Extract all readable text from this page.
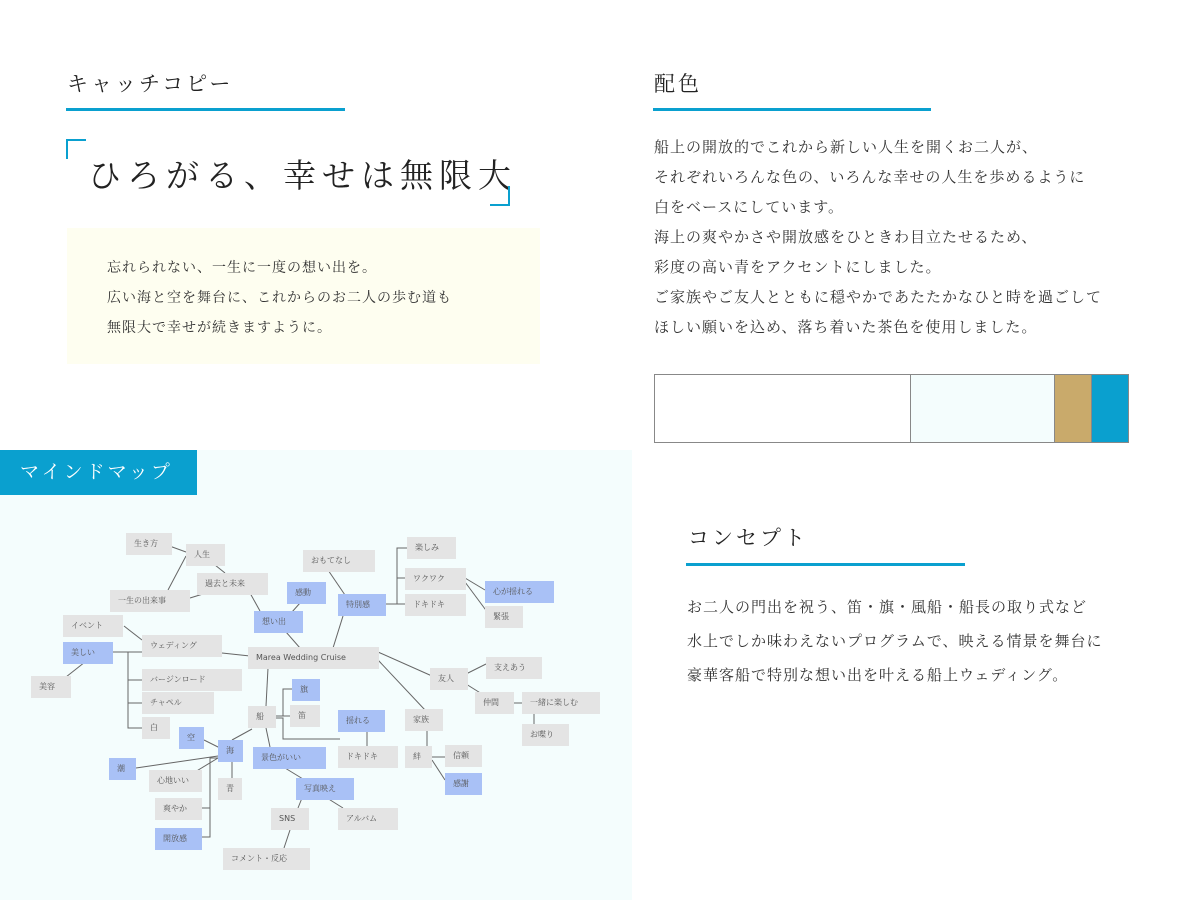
キャッチコピー
ひろがる、幸せは無限大
忘れられない、一生に一度の想い出を。
広い海と空を舞台に、これからのお二人の歩む道も
無限大で幸せが続きますように。
配色
船上の開放的でこれから新しい人生を開くお二人が、
それぞれいろんな色の、いろんな幸せの人生を歩めるように
白をベースにしています。
海上の爽やかさや開放感をひときわ目立たせるため、
彩度の高い青をアクセントにしました。
ご家族やご友人とともに穏やかであたたかなひと時を過ごして
ほしい願いを込め、落ち着いた茶色を使用しました。
コンセプト
お二人の門出を祝う、笛・旗・風船・船長の取り式など
水上でしか味わえないプログラムで、映える情景を舞台に
豪華客船で特別な想い出を叶える船上ウェディング。
マインドマップ
生き方
人生
過去と未来
一生の出来事
想い出
感動
おもてなし
特別感
楽しみ
ワクワク
ドキドキ
心が揺れる
緊張
イベント
ウェディング
美しい
美容
バージンロード
チャペル
白
Marea Wedding Cruise
友人
支えあう
仲間	一緒に楽しむ
お喋り
家族
絆	信頼
感謝
船
旗
笛
揺れる
ドキドキ
景色がいい
写真映え
SNS	アルバム
コメント・反応
海
空
潮
心地いい
爽やか
開放感
青
